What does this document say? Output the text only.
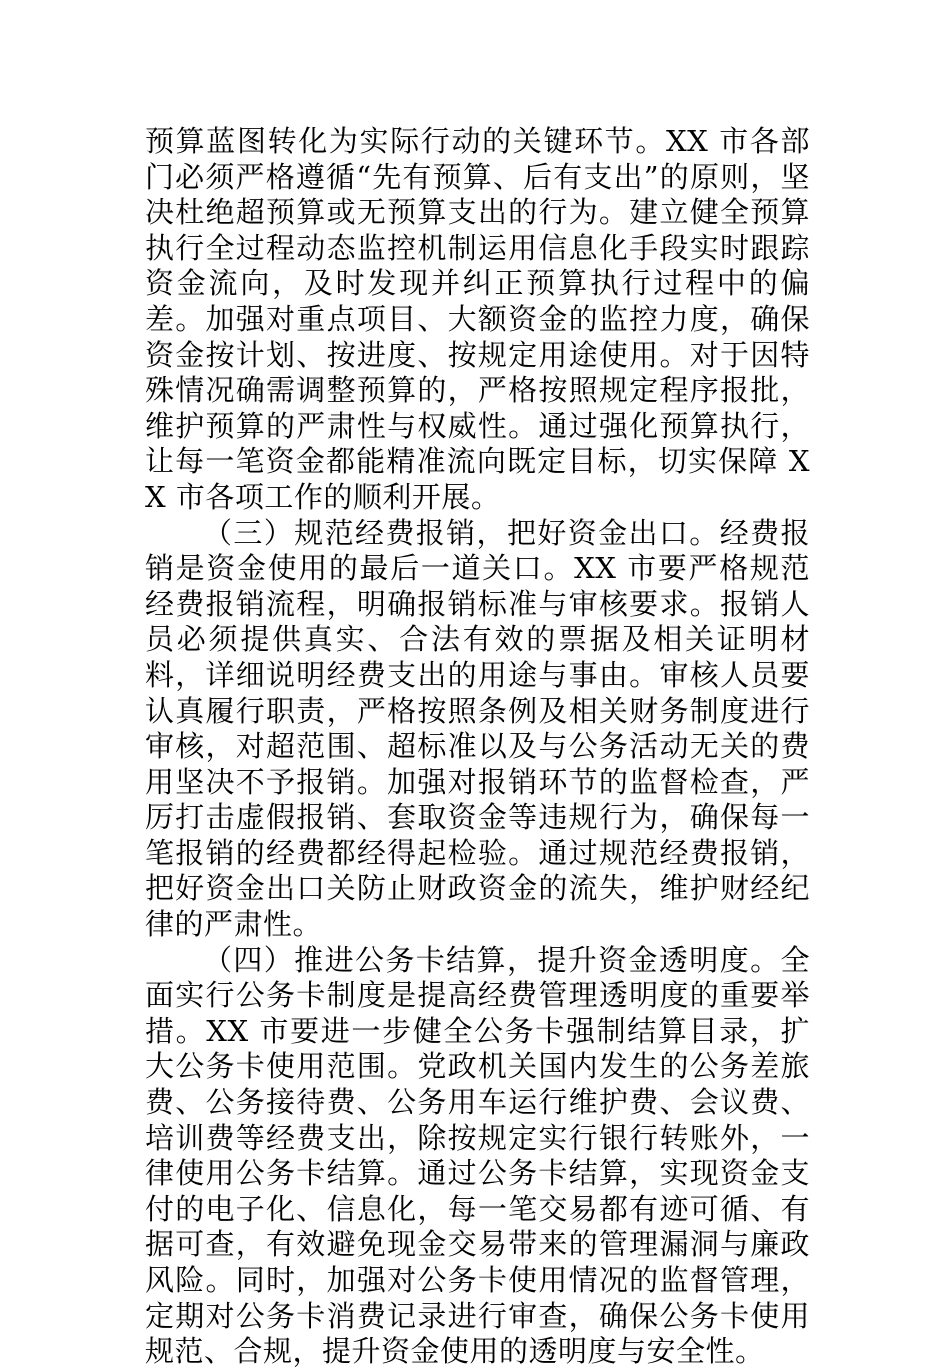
预算蓝图转化为实际行动的关键环节。XX 市各部门必须严格遵循“先有预算、后有支出”的原则，坚决杜绝超预算或无预算支出的行为。建立健全预算执行全过程动态监控机制运用信息化手段实时跟踪资金流向，及时发现并纠正预算执行过程中的偏差。加强对重点项目、大额资金的监控力度，确保资金按计划、按进度、按规定用途使用。对于因特殊情况确需调整预算的，严格按照规定程序报批，维护预算的严肃性与权威性。通过强化预算执行，让每一笔资金都能精准流向既定目标，切实保障 XX 市各项工作的顺利开展。

（三）规范经费报销，把好资金出口。经费报销是资金使用的最后一道关口。XX 市要严格规范经费报销流程，明确报销标准与审核要求。报销人员必须提供真实、合法有效的票据及相关证明材料，详细说明经费支出的用途与事由。审核人员要认真履行职责，严格按照条例及相关财务制度进行审核，对超范围、超标准以及与公务活动无关的费用坚决不予报销。加强对报销环节的监督检查，严厉打击虚假报销、套取资金等违规行为，确保每一笔报销的经费都经得起检验。通过规范经费报销，把好资金出口关防止财政资金的流失，维护财经纪律的严肃性。

（四）推进公务卡结算，提升资金透明度。全面实行公务卡制度是提高经费管理透明度的重要举措。XX 市要进一步健全公务卡强制结算目录，扩大公务卡使用范围。党政机关国内发生的公务差旅费、公务接待费、公务用车运行维护费、会议费、培训费等经费支出，除按规定实行银行转账外，一律使用公务卡结算。通过公务卡结算，实现资金支付的电子化、信息化，每一笔交易都有迹可循、有据可查，有效避免现金交易带来的管理漏洞与廉政风险。同时，加强对公务卡使用情况的监督管理，定期对公务卡消费记录进行审查，确保公务卡使用规范、合规，提升资金使用的透明度与安全性。
